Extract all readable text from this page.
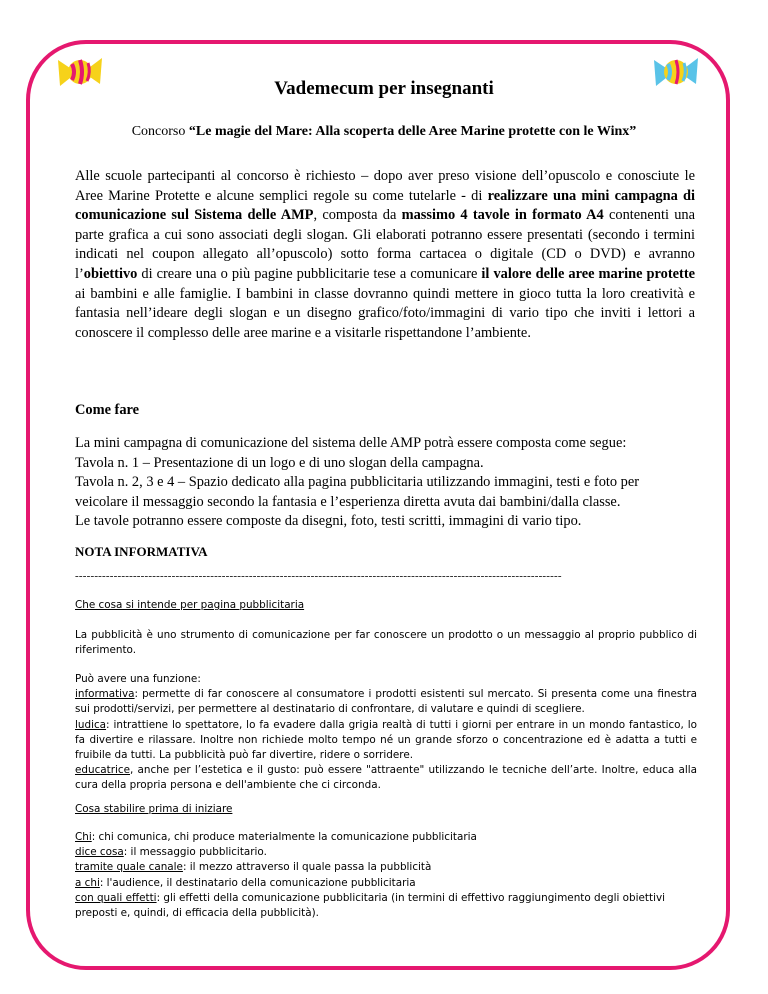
Vademecum per insegnanti
Concorso “Le magie del Mare: Alla scoperta delle Aree Marine protette con le Winx”
Alle scuole partecipanti al concorso è richiesto – dopo aver preso visione dell’opuscolo e conosciute le Aree Marine Protette e alcune semplici regole su come tutelarle - di realizzare una mini campagna di comunicazione sul Sistema delle AMP, composta da massimo 4 tavole in formato A4 contenenti una parte grafica a cui sono associati degli slogan. Gli elaborati potranno essere presentati (secondo i termini indicati nel coupon allegato all’opuscolo) sotto forma cartacea o digitale (CD o DVD) e avranno l’obiettivo di creare una o più pagine pubblicitarie tese a comunicare il valore delle aree marine protette ai bambini e alle famiglie. I bambini in classe dovranno quindi mettere in gioco tutta la loro creatività e fantasia nell’ideare degli slogan e un disegno grafico/foto/immagini di vario tipo che inviti i lettori a conoscere il complesso delle aree marine e a visitarle rispettandone l’ambiente.
Come fare

La mini campagna di comunicazione del sistema delle AMP potrà essere composta come segue:

Tavola n. 1 – Presentazione di un logo e di uno slogan della campagna.

Tavola n. 2, 3 e 4 – Spazio dedicato alla pagina pubblicitaria utilizzando immagini, testi e foto per veicolare il messaggio secondo la fantasia e l’esperienza diretta avuta dai bambini/dalla classe.

Le tavole potranno essere composte da disegni, foto, testi scritti, immagini di vario tipo.

NOTA INFORMATIVA
------------------------------------------------------------------------------------------------------------------------------
Che cosa si intende per pagina pubblicitaria
La pubblicità è uno strumento di comunicazione per far conoscere un prodotto o un messaggio al proprio pubblico di riferimento.

Può avere una funzione:

informativa: permette di far conoscere al consumatore i prodotti esistenti sul mercato. Si presenta come una finestra sui prodotti/servizi, per permettere al destinatario di confrontare, di valutare e quindi di scegliere.

ludica: intrattiene lo spettatore, lo fa evadere dalla grigia realtà di tutti i giorni per entrare in un mondo fantastico, lo fa divertire e rilassare. Inoltre non richiede molto tempo né un grande sforzo o concentrazione ed è adatta a tutti e fruibile da tutti. La pubblicità può far divertire, ridere o sorridere.

educatrice, anche per l’estetica e il gusto: può essere "attraente" utilizzando le tecniche dell’arte. Inoltre, educa alla cura della propria persona e dell'ambiente che ci circonda.

Cosa stabilire prima di iniziare

Chi: chi comunica, chi produce materialmente la comunicazione pubblicitaria

dice cosa: il messaggio pubblicitario.

tramite quale canale: il mezzo attraverso il quale passa la pubblicità

a chi: l'audience, il destinatario della comunicazione pubblicitaria

con quali effetti: gli effetti della comunicazione pubblicitaria (in termini di effettivo raggiungimento degli obiettivi preposti e, quindi, di efficacia della pubblicità).
